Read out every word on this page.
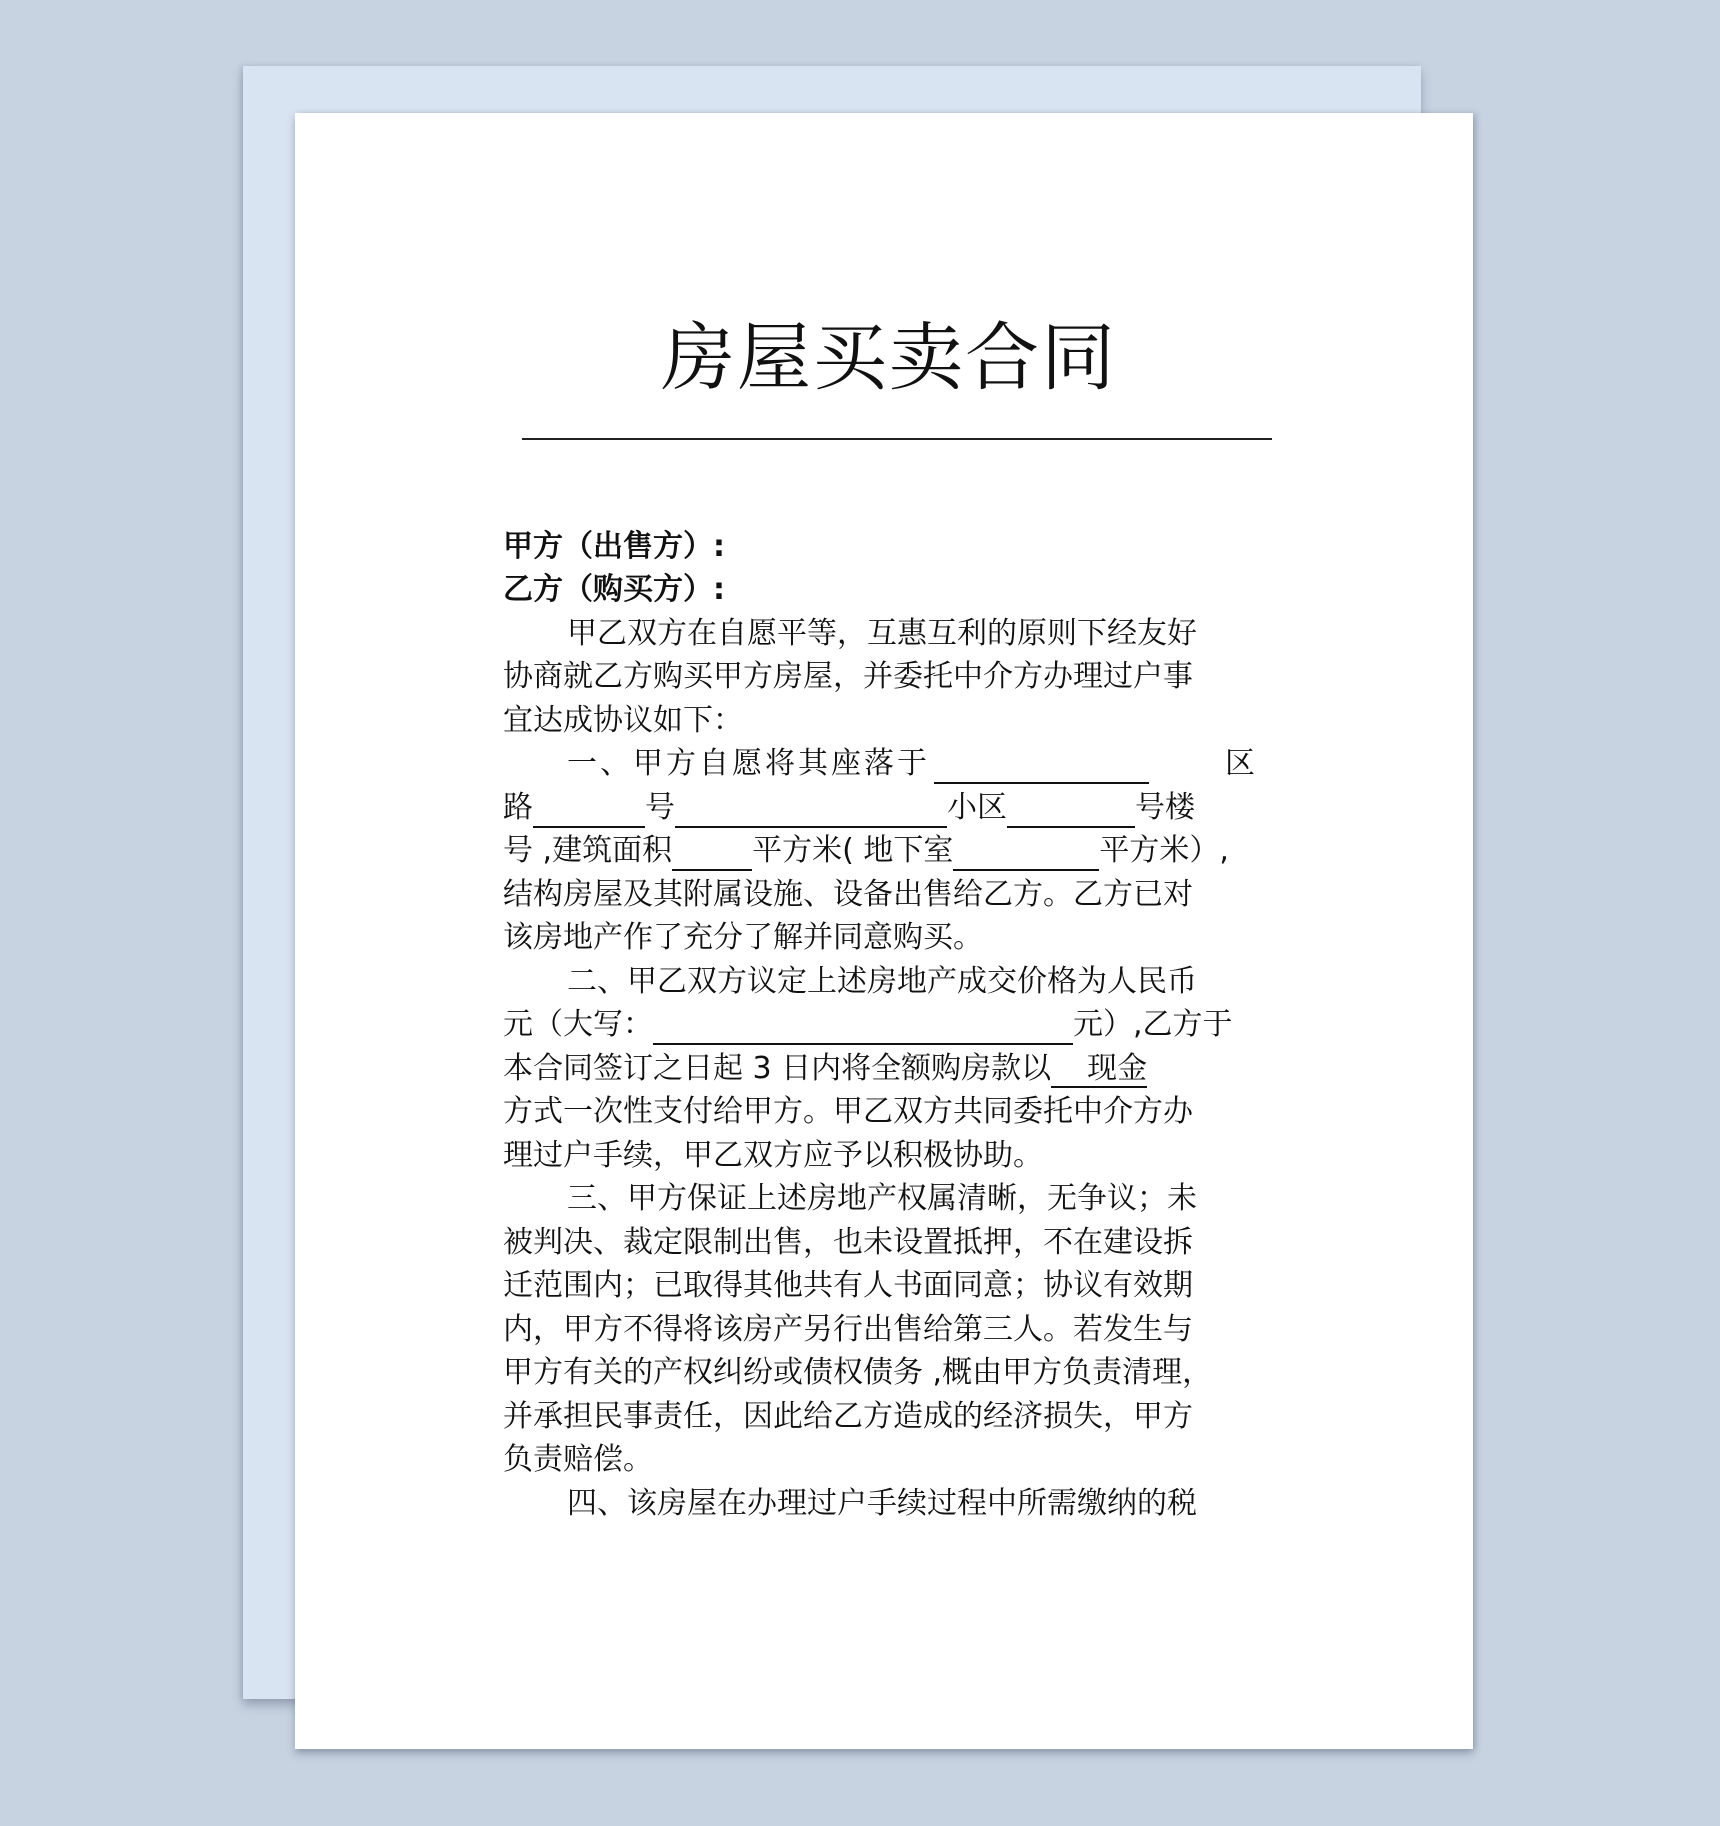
房屋买卖合同
甲方（出售方）:
乙方（购买方）:
甲乙双方在自愿平等，互惠互利的原则下经友好
协商就乙方购买甲方房屋，并委托中介方办理过户事
宜达成协议如下：
一、甲方自愿将其座落于	区
路	号	小区	号楼
号 ,建筑面积	平方米( 地下室	平方米）,
结构房屋及其附属设施、设备出售给乙方。乙方已对
该房地产作了充分了解并同意购买。
二、甲乙双方议定上述房地产成交价格为人民币
元（大写：	元）,乙方于
本合同签订之日起 3 日内将全额购房款以 现金
方式一次性支付给甲方。甲乙双方共同委托中介方办
理过户手续，甲乙双方应予以积极协助。
三、甲方保证上述房地产权属清晰，无争议；未
被判决、裁定限制出售，也未设置抵押，不在建设拆
迁范围内；已取得其他共有人书面同意；协议有效期
内，甲方不得将该房产另行出售给第三人。若发生与
甲方有关的产权纠纷或债权债务 ,概由甲方负责清理，
并承担民事责任，因此给乙方造成的经济损失，甲方
负责赔偿。
四、该房屋在办理过户手续过程中所需缴纳的税
